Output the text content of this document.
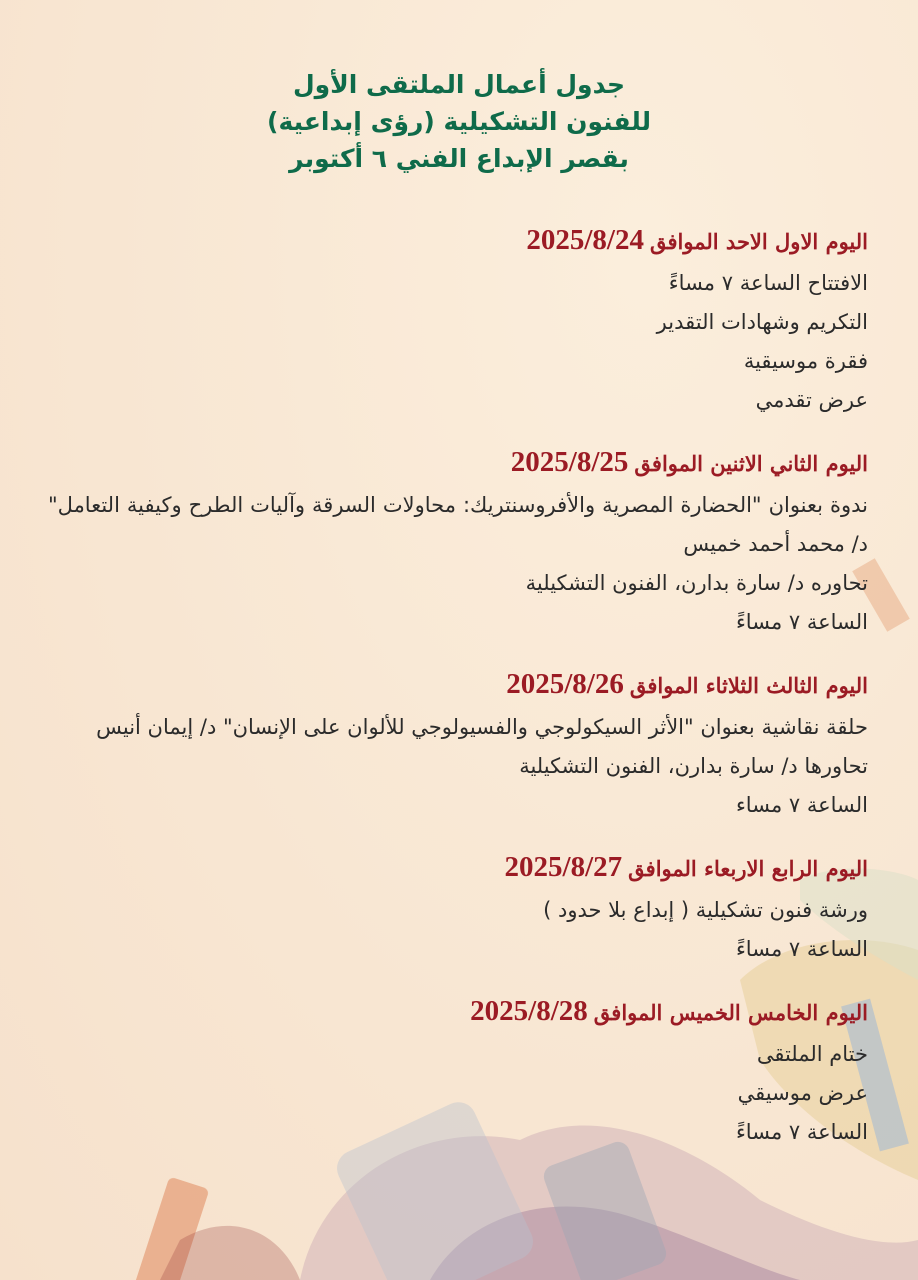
جدول أعمال الملتقى الأول
للفنون التشكيلية (رؤى إبداعية)
بقصر الإبداع الفني ٦ أكتوبر
اليوم الاول الاحد الموافق2025/8/24
الافتتاح الساعة ٧ مساءً
التكريم وشهادات التقدير
فقرة موسيقية
عرض تقدمي
اليوم الثاني الاثنين الموافق2025/8/25
ندوة بعنوان "الحضارة المصرية والأفروسنتريك: محاولات السرقة وآليات الطرح وكيفية التعامل" د/ محمد أحمد خميس
تحاوره د/ سارة بدارن، الفنون التشكيلية
الساعة ٧ مساءً
اليوم الثالث الثلاثاء الموافق2025/8/26
حلقة نقاشية بعنوان "الأثر السيكولوجي والفسيولوجي للألوان على الإنسان" د/ إيمان أنيس
تحاورها د/ سارة بدارن، الفنون التشكيلية
الساعة ٧ مساء
اليوم الرابع الاربعاء الموافق2025/8/27
ورشة فنون تشكيلية ( إبداع بلا حدود )
الساعة ٧ مساءً
اليوم الخامس الخميس الموافق2025/8/28
ختام الملتقى
عرض موسيقي
الساعة ٧ مساءً
